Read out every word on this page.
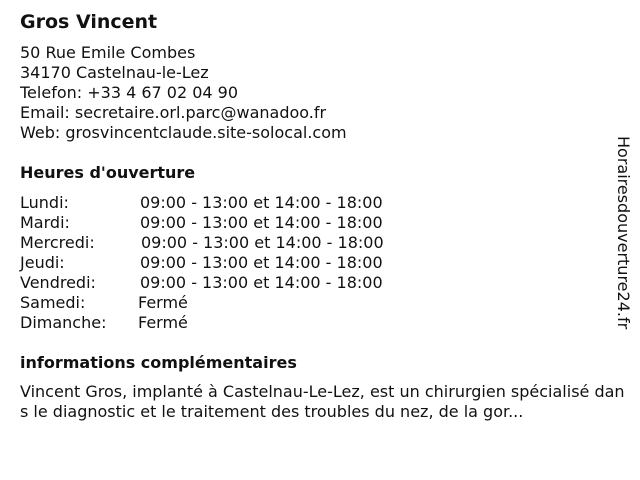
Gros Vincent
50 Rue Emile Combes
34170 Castelnau-le-Lez
Telefon: +33 4 67 02 04 90
Email: secretaire.orl.parc@wanadoo.fr
Web: grosvincentclaude.site-solocal.com
Heures d'ouverture
Lundi:	09:00 - 13:00 et 14:00 - 18:00
Mardi:	09:00 - 13:00 et 14:00 - 18:00
Mercredi:	09:00 - 13:00 et 14:00 - 18:00
Jeudi:	09:00 - 13:00 et 14:00 - 18:00
Vendredi:	09:00 - 13:00 et 14:00 - 18:00
Samedi:	Fermé
Dimanche: Fermé
informations complémentaires

Vincent Gros, implanté à Castelnau-Le-Lez, est un chirurgien spécialisé dans le diagnostic et le traitement des troubles du nez, de la gor...

Horairesdouverture24.fr
